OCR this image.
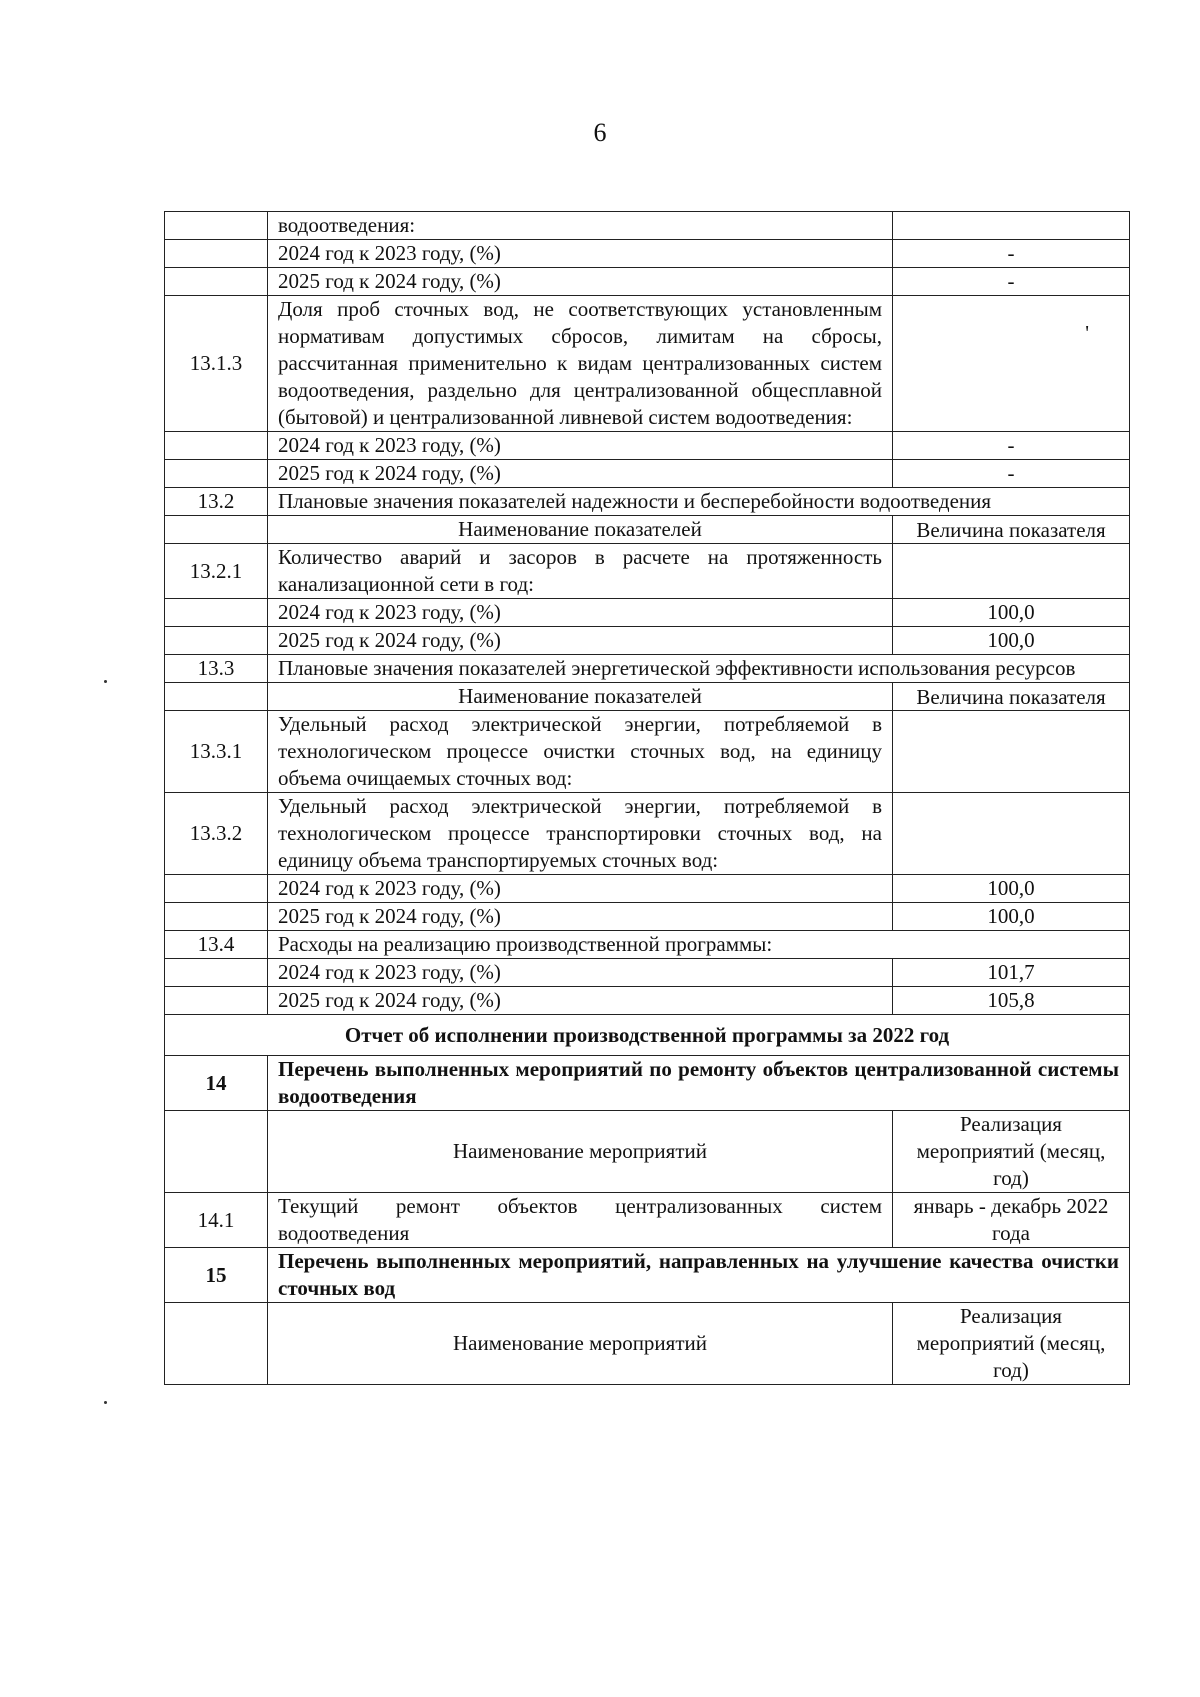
6
	водоотведения:	
	2024 год к 2023 году, (%)	-
	2025 год к 2024 году, (%)	-
13.1.3	Доля проб сточных вод, не соответствующих установленным нормативам допустимых сбросов, лимитам на сбросы, рассчитанная применительно к видам централизованных систем водоотведения, раздельно для централизованной общесплавной (бытовой) и централизованной ливневой систем водоотведения:	'
	2024 год к 2023 году, (%)	-
	2025 год к 2024 году, (%)	-
13.2	Плановые значения показателей надежности и бесперебойности водоотведения	
	Наименование показателей	Величина показателя
13.2.1	Количество аварий и засоров в расчете на протяженность канализационной сети в год:	
	2024 год к 2023 году, (%)	100,0
	2025 год к 2024 году, (%)	100,0
13.3	Плановые значения показателей энергетической эффективности использования ресурсов	
	Наименование показателей	Величина показателя
13.3.1	Удельный расход электрической энергии, потребляемой в технологическом процессе очистки сточных вод, на единицу объема очищаемых сточных вод:	
13.3.2	Удельный расход электрической энергии, потребляемой в технологическом процессе транспортировки сточных вод, на единицу объема транспортируемых сточных вод:	
	2024 год к 2023 году, (%)	100,0
	2025 год к 2024 году, (%)	100,0
13.4	Расходы на реализацию производственной программы:	
	2024 год к 2023 году, (%)	101,7
	2025 год к 2024 году, (%)	105,8
Отчет об исполнении производственной программы за 2022 год		
14	Перечень выполненных мероприятий по ремонту объектов централизованной системы водоотведения	
	Наименование мероприятий	Реализация мероприятий (месяц, год)
14.1	Текущий ремонт объектов централизованных систем водоотведения	январь - декабрь 2022 года
15	Перечень выполненных мероприятий, направленных на улучшение качества очистки сточных вод	
	Наименование мероприятий	Реализация мероприятий (месяц, год)
